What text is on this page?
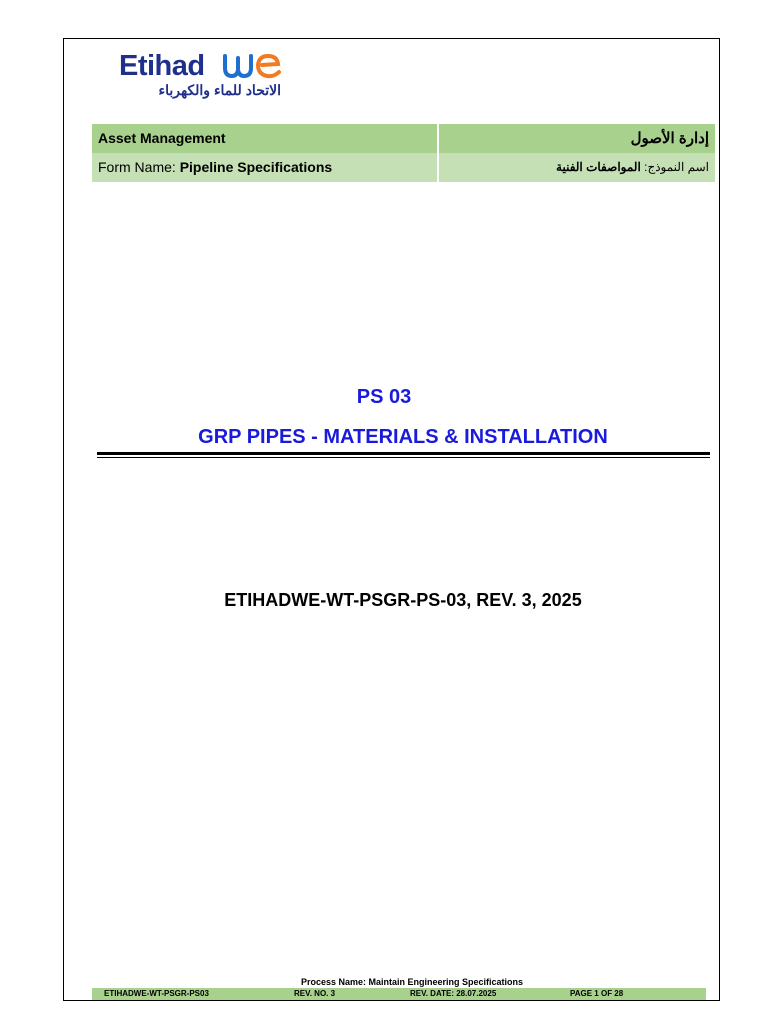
Etihad
الاتحاد للماء والكهرباء
Asset Management	إدارة الأصول
Form Name: Pipeline Specifications	اسم النموذج: المواصفات الفنية
PS 03
GRP PIPES - MATERIALS & INSTALLATION
ETIHADWE-WT-PSGR-PS-03, REV. 3, 2025
Process Name: Maintain Engineering Specifications
ETIHADWE-WT-PSGR-PS03	REV. NO. 3	REV. DATE: 28.07.2025	PAGE 1 OF 28
